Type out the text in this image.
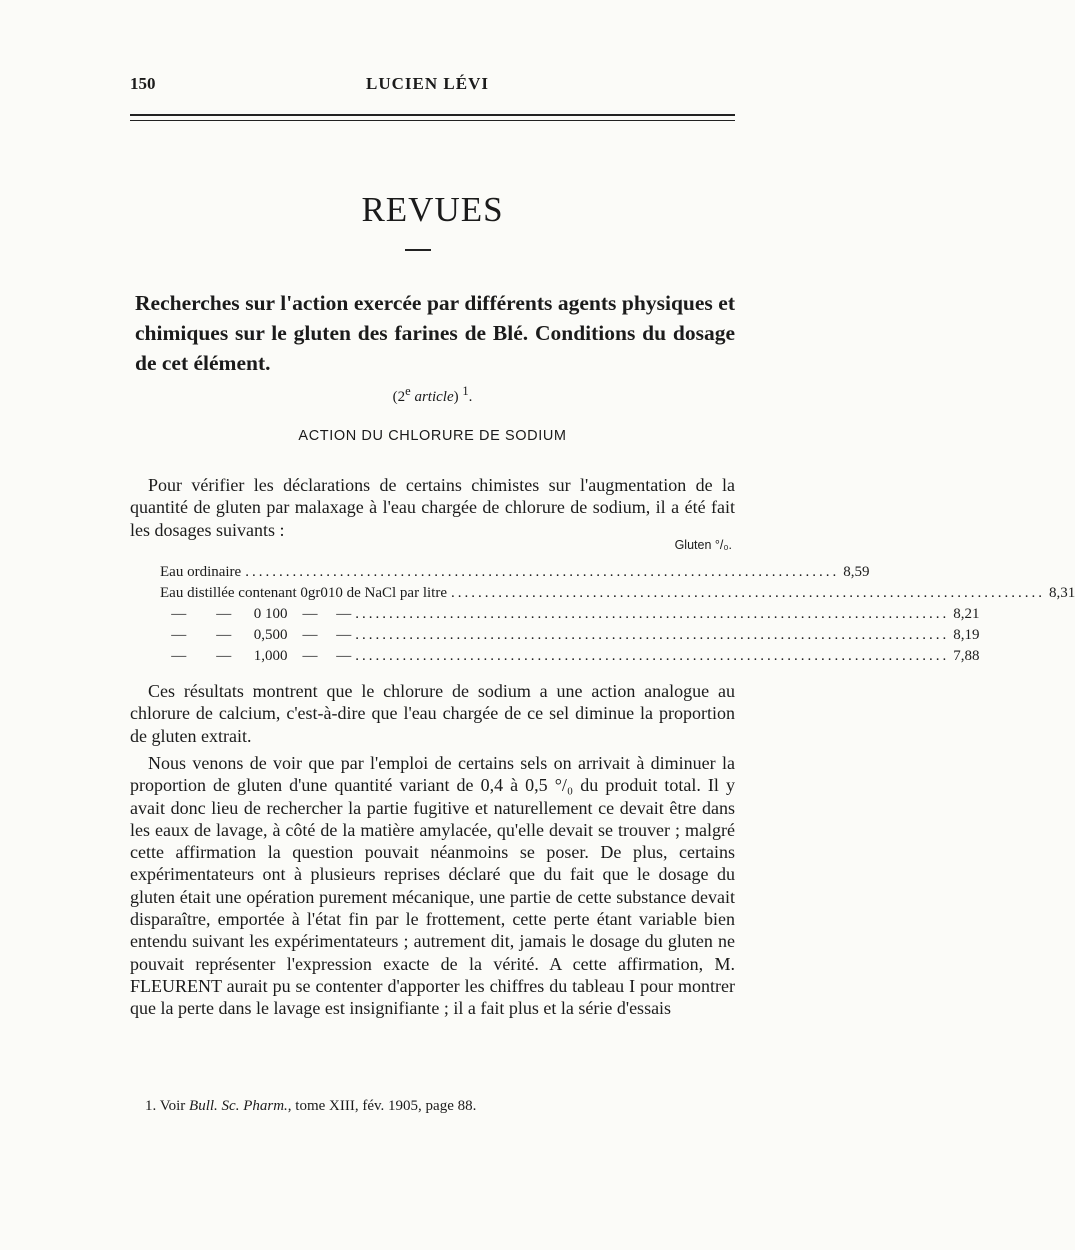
150	LUCIEN LÉVI
REVUES
Recherches sur l'action exercée par différents agents physiques et chimiques sur le gluten des farines de Blé. Conditions du dosage de cet élément.
(2e article) $^1$.
ACTION DU CHLORURE DE SODIUM

Pour vérifier les déclarations de certains chimistes sur l'augmentation de la quantité de gluten par malaxage à l'eau chargée de chlorure de sodium, il a été fait les dosages suivants :

Gluten °/₀.
Eau ordinaire ........................................................................................ 8,59
Eau distillée contenant 0gr010 de NaCl par litre ........................................................................................ 8,31
—        —      0 100    —     — ........................................................................................ 8,21
—        —      0,500    —     — ........................................................................................ 8,19
—        —      1,000    —     — ........................................................................................ 7,88

Ces résultats montrent que le chlorure de sodium a une action analogue au chlorure de calcium, c'est-à-dire que l'eau chargée de ce sel diminue la proportion de gluten extrait.

Nous venons de voir que par l'emploi de certains sels on arrivait à diminuer la proportion de gluten d'une quantité variant de 0,4 à 0,5 °/₀ du produit total. Il y avait donc lieu de rechercher la partie fugitive et naturellement ce devait être dans les eaux de lavage, à côté de la matière amylacée, qu'elle devait se trouver ; malgré cette affirmation la question pouvait néanmoins se poser. De plus, certains expérimentateurs ont à plusieurs reprises déclaré que du fait que le dosage du gluten était une opération purement mécanique, une partie de cette substance devait disparaître, emportée à l'état fin par le frottement, cette perte étant variable bien entendu suivant les expérimentateurs ; autrement dit, jamais le dosage du gluten ne pouvait représenter l'expression exacte de la vérité. A cette affirmation, M. FLEURENT aurait pu se contenter d'apporter les chiffres du tableau I pour montrer que la perte dans le lavage est insignifiante ; il a fait plus et la série d'essais

1. Voir Bull. Sc. Pharm., tome XIII, fév. 1905, page 88.
